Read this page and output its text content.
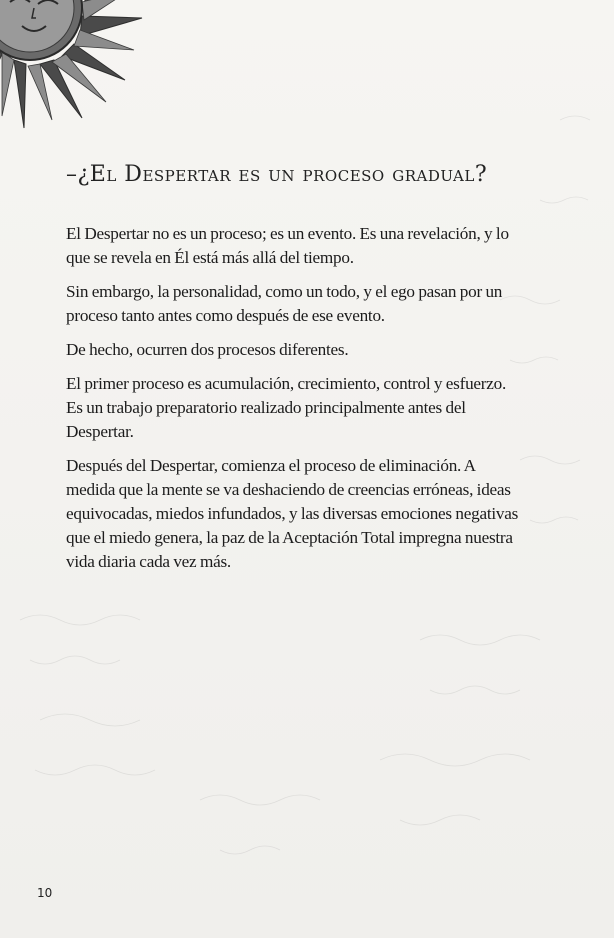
–¿El Despertar es un proceso gradual?

El Despertar no es un proceso; es un evento. Es una revelación, y lo que se revela en Él está más allá del tiempo.

Sin embargo, la personalidad, como un todo, y el ego pasan por un proceso tanto antes como después de ese evento.

De hecho, ocurren dos procesos diferentes.

El primer proceso es acumulación, crecimiento, control y esfuerzo. Es un trabajo preparatorio realizado principalmente antes del Despertar.

Después del Despertar, comienza el proceso de eliminación. A medida que la mente se va deshaciendo de creencias erróneas, ideas equivocadas, miedos infundados, y las diversas emociones negativas que el miedo genera, la paz de la Aceptación Total impregna nuestra vida diaria cada vez más.

10
